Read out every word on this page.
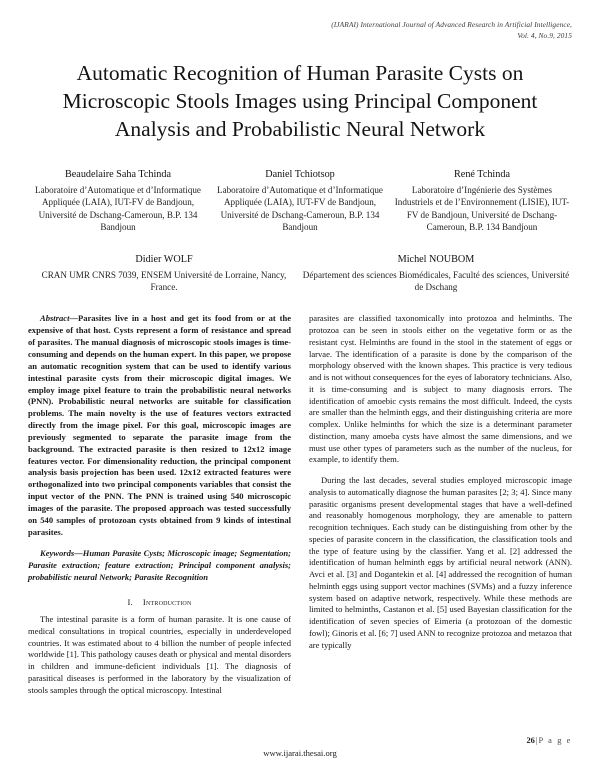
(IJARAI) International Journal of Advanced Research in Artificial Intelligence,
Vol. 4, No.9, 2015
Automatic Recognition of Human Parasite Cysts on Microscopic Stools Images using Principal Component Analysis and Probabilistic Neural Network
Beaudelaire Saha Tchinda
Laboratoire d’Automatique et d’Informatique Appliquée (LAIA), IUT-FV de Bandjoun, Université de Dschang-Cameroun, B.P. 134 Bandjoun
Daniel Tchiotsop
Laboratoire d’Automatique et d’Informatique Appliquée (LAIA), IUT-FV de Bandjoun, Université de Dschang-Cameroun, B.P. 134 Bandjoun
René Tchinda
Laboratoire d’Ingénierie des Systèmes Industriels et de l’Environnement (LISIE), IUT-FV de Bandjoun, Université de Dschang-Cameroun, B.P. 134 Bandjoun
Didier WOLF
CRAN UMR CNRS 7039, ENSEM Université de Lorraine, Nancy, France.
Michel NOUBOM
Département des sciences Biomédicales, Faculté des sciences, Université de Dschang

Abstract—Parasites live in a host and get its food from or at the expensive of that host. Cysts represent a form of resistance and spread of parasites. The manual diagnosis of microscopic stools images is time-consuming and depends on the human expert. In this paper, we propose an automatic recognition system that can be used to identify various intestinal parasite cysts from their microscopic digital images. We employ image pixel feature to train the probabilistic neural networks (PNN). Probabilistic neural networks are suitable for classification problems. The main novelty is the use of features vectors extracted directly from the image pixel. For this goal, microscopic images are previously segmented to separate the parasite image from the background. The extracted parasite is then resized to 12x12 image features vector. For dimensionality reduction, the principal component analysis basis projection has been used. 12x12 extracted features were orthogonalized into two principal components variables that consist the input vector of the PNN. The PNN is trained using 540 microscopic images of the parasite. The proposed approach was tested successfully on 540 samples of protozoan cysts obtained from 9 kinds of intestinal parasites.

Keywords—Human Parasite Cysts; Microscopic image; Segmentation; Parasite extraction; feature extraction; Principal component analysis; probabilistic neural Network; Parasite Recognition

I. Introduction

The intestinal parasite is a form of human parasite. It is one cause of medical consultations in tropical countries, especially in underdeveloped countries. It was estimated about to 4 billion the number of people infected worldwide [1]. This pathology causes death or physical and mental disorders in children and immune-deficient individuals [1]. The diagnosis of parasitical diseases is performed in the laboratory by the visualization of stools samples through the optical microscopy. Intestinal

parasites are classified taxonomically into protozoa and helminths. The protozoa can be seen in stools either on the vegetative form or as the resistant cyst. Helminths are found in the stool in the statement of eggs or larvae. The identification of a parasite is done by the comparison of the morphology observed with the known shapes. This practice is very tedious and is not without consequences for the eyes of laboratory technicians. Also, it is time-consuming and is subject to many diagnosis errors. The identification of amoebic cysts remains the most difficult. Indeed, the cysts are smaller than the helminth eggs, and their distinguishing criteria are more complex. Unlike helminths for which the size is a determinant parameter distinction, many amoeba cysts have almost the same dimensions, and we must use other types of parameters such as the number of the nucleus, for example, to identify them.

During the last decades, several studies employed microscopic image analysis to automatically diagnose the human parasites [2; 3; 4]. Since many parasitic organisms present developmental stages that have a well-defined and reasonably homogenous morphology, they are amenable to pattern recognition techniques. Each study can be distinguishing from other by the species of parasite concern in the classification, the classification tools and the type of feature using by the classifier. Yang et al. [2] addressed the identification of human helminth eggs by artificial neural network (ANN). Avci et al. [3] and Dogantekin et al. [4] addressed the recognition of human helminth eggs using support vector machines (SVMs) and a fuzzy inference system based on adaptive network, respectively. While these methods are limited to helminths, Castanon et al. [5] used Bayesian classification for the identification of seven species of Eimeria (a protozoan of the domestic fowl); Ginoris et al. [6; 7] used ANN to recognize protozoa and metazoa that are typically

www.ijarai.thesai.org
26|P a g e
